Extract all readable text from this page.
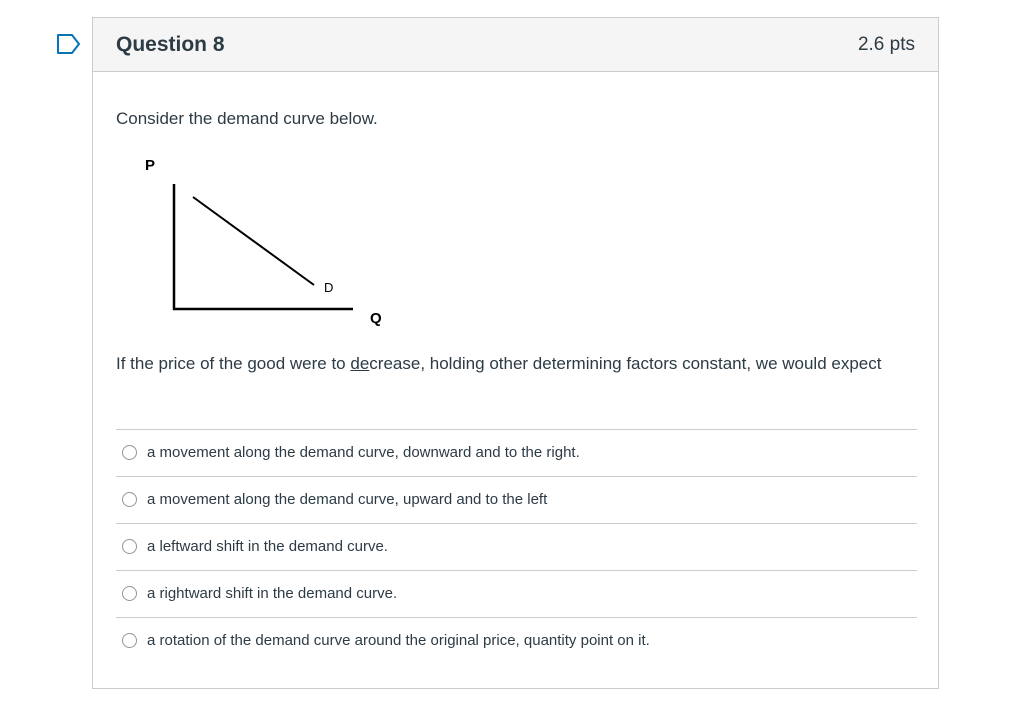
Question 8	2.6 pts
Consider the demand curve below.
P
D
Q
If the price of the good were to decrease, holding other determining factors constant, we would expect
a movement along the demand curve, downward and to the right.
a movement along the demand curve, upward and to the left
a leftward shift in the demand curve.
a rightward shift in the demand curve.
a rotation of the demand curve around the original price, quantity point on it.
